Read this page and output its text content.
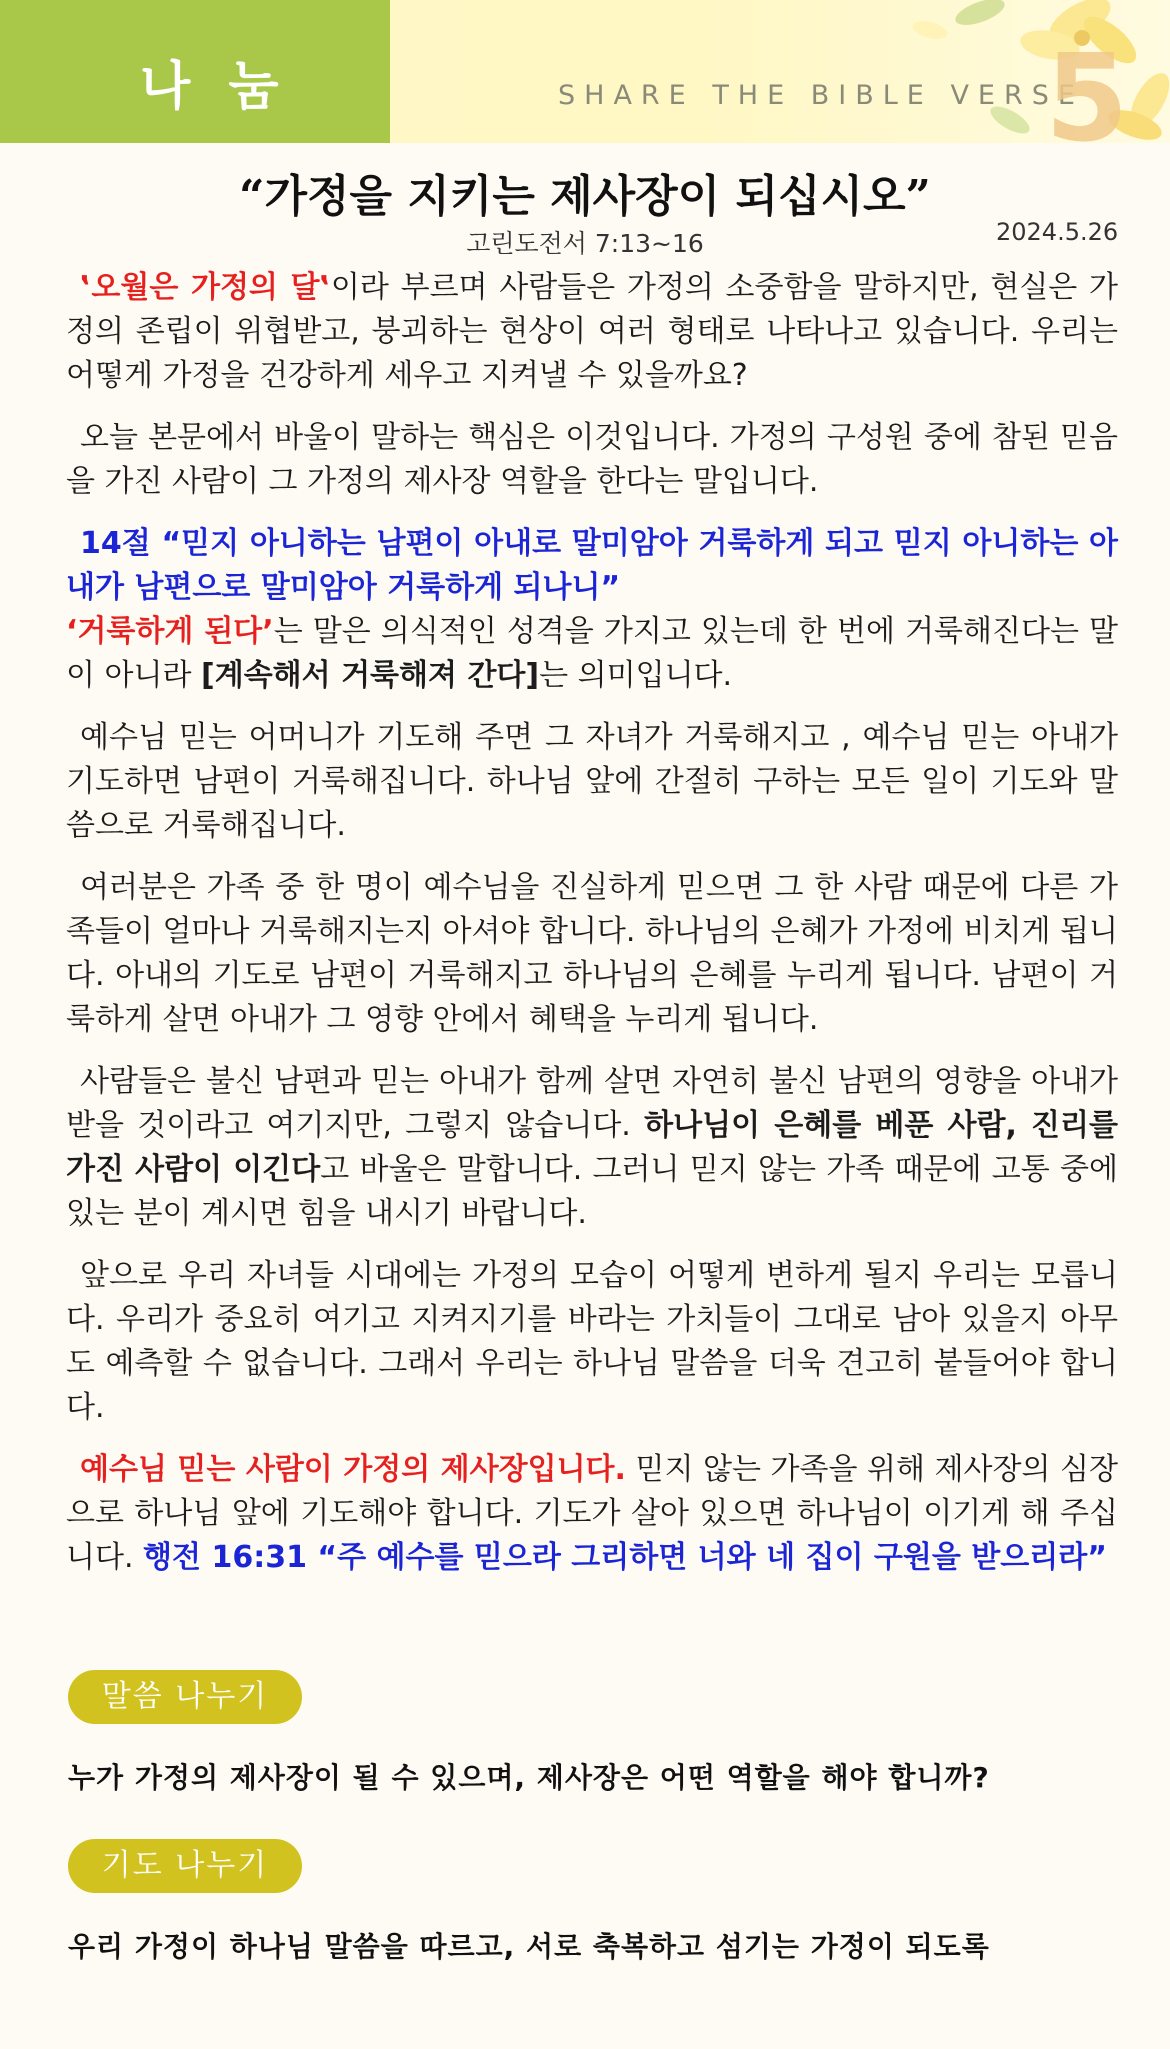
나 눔	SHARE THE BIBLE VERSE
5
“가정을 지키는 제사장이 되십시오”
고린도전서 7:13~16	2024.5.26

‛오월은 가정의 달‛이라 부르며 사람들은 가정의 소중함을 말하지만, 현실은 가정의 존립이 위협받고, 붕괴하는 현상이 여러 형태로 나타나고 있습니다. 우리는 어떻게 가정을 건강하게 세우고 지켜낼 수 있을까요?

오늘 본문에서 바울이 말하는 핵심은 이것입니다. 가정의 구성원 중에 참된 믿음을 가진 사람이 그 가정의 제사장 역할을 한다는 말입니다.

14절 “믿지 아니하는 남편이 아내로 말미암아 거룩하게 되고 믿지 아니하는 아내가 남편으로 말미암아 거룩하게 되나니”
‘거룩하게 된다’는 말은 의식적인 성격을 가지고 있는데 한 번에 거룩해진다는 말이 아니라 [계속해서 거룩해져 간다]는 의미입니다.

예수님 믿는 어머니가 기도해 주면 그 자녀가 거룩해지고 , 예수님 믿는 아내가 기도하면 남편이 거룩해집니다. 하나님 앞에 간절히 구하는 모든 일이 기도와 말씀으로 거룩해집니다.

여러분은 가족 중 한 명이 예수님을 진실하게 믿으면 그 한 사람 때문에 다른 가족들이 얼마나 거룩해지는지 아셔야 합니다. 하나님의 은혜가 가정에 비치게 됩니다. 아내의 기도로 남편이 거룩해지고 하나님의 은혜를 누리게 됩니다. 남편이 거룩하게 살면 아내가 그 영향 안에서 혜택을 누리게 됩니다.

사람들은 불신 남편과 믿는 아내가 함께 살면 자연히 불신 남편의 영향을 아내가 받을 것이라고 여기지만, 그렇지 않습니다. 하나님이 은혜를 베푼 사람, 진리를 가진 사람이 이긴다고 바울은 말합니다. 그러니 믿지 않는 가족 때문에 고통 중에 있는 분이 계시면 힘을 내시기 바랍니다.

앞으로 우리 자녀들 시대에는 가정의 모습이 어떻게 변하게 될지 우리는 모릅니다. 우리가 중요히 여기고 지켜지기를 바라는 가치들이 그대로 남아 있을지 아무도 예측할 수 없습니다. 그래서 우리는 하나님 말씀을 더욱 견고히 붙들어야 합니다.

예수님 믿는 사람이 가정의 제사장입니다. 믿지 않는 가족을 위해 제사장의 심장으로 하나님 앞에 기도해야 합니다. 기도가 살아 있으면 하나님이 이기게 해 주십니다. 행전 16:31 “주 예수를 믿으라 그리하면 너와 네 집이 구원을 받으리라”

말씀 나누기
누가 가정의 제사장이 될 수 있으며, 제사장은 어떤 역할을 해야 합니까?
기도 나누기
우리 가정이 하나님 말씀을 따르고, 서로 축복하고 섬기는 가정이 되도록
